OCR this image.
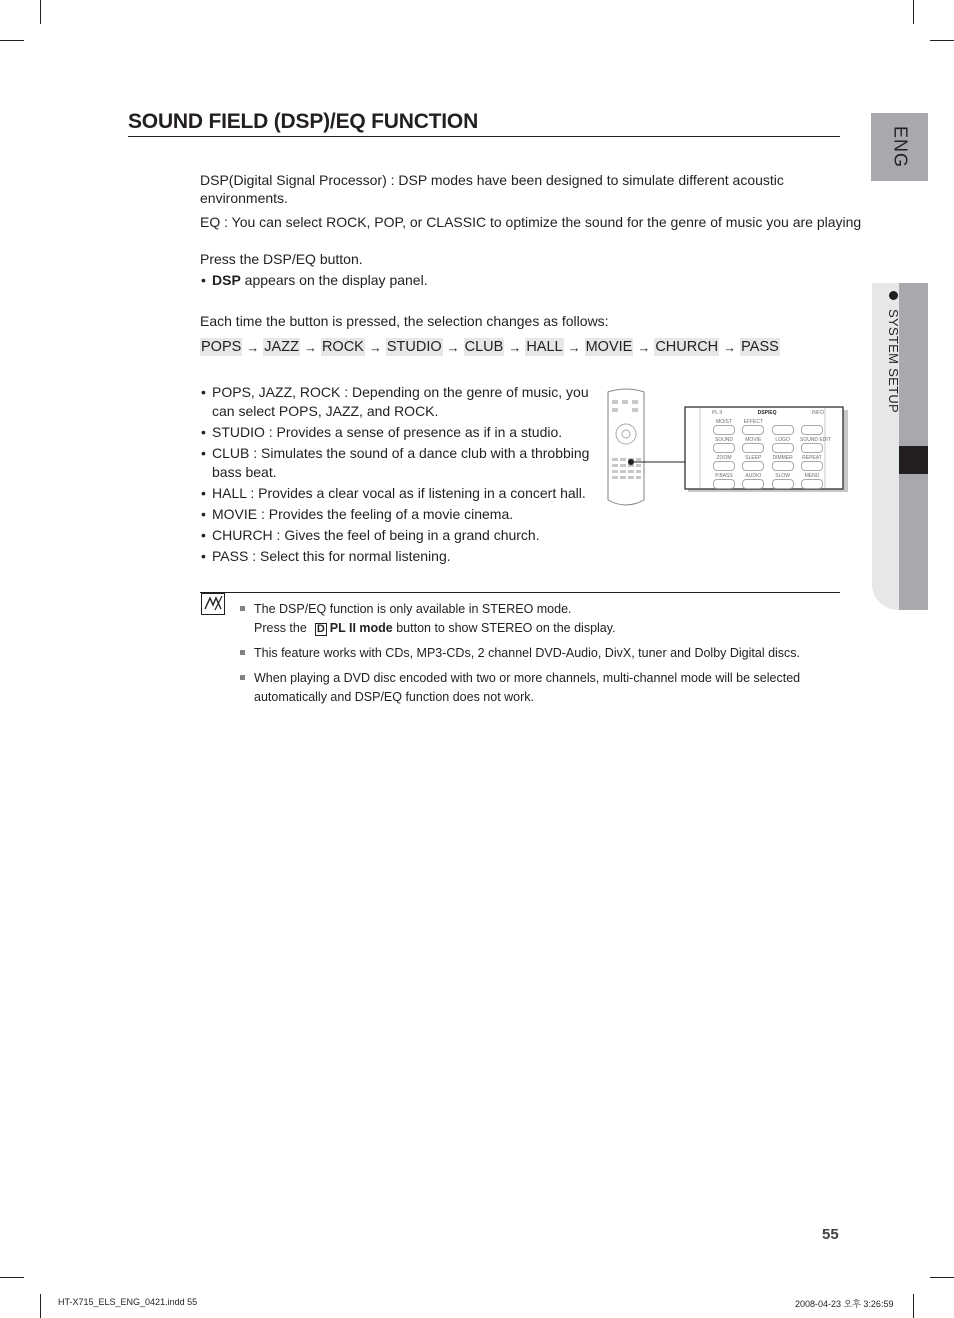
SOUND FIELD (DSP)/EQ FUNCTION
ENG
SYSTEM SETUP
DSP(Digital Signal Processor) : DSP modes have been designed to simulate different acoustic environments.
EQ : You can select ROCK, POP, or CLASSIC to optimize the sound for the genre of music you are playing
Press the DSP/EQ button.
• DSP appears on the display panel.
Each time the button is pressed, the selection changes as follows:
POPS → JAZZ → ROCK → STUDIO → CLUB → HALL → MOVIE → CHURCH → PASS
• POPS, JAZZ, ROCK : Depending on the genre of music, you can select POPS, JAZZ, and ROCK.
• STUDIO : Provides a sense of presence as if in a studio.
• CLUB : Simulates the sound of a dance club with a throbbing bass beat.
• HALL : Provides a clear vocal as if listening in a concert hall.
• MOVIE : Provides the feeling of a movie cinema.
• CHURCH : Gives the feel of being in a grand church.
• PASS : Select this for normal listening.
PL II	DSP/EQ	INFO
MO/ST	EFFECT
SOUND	MOVIE	LOGO	SOUND EDIT
ZOOM	SLEEP	DIMMER	REPEAT
P.BASS	AUDIO	SLOW	MENU
The DSP/EQ function is only available in STEREO mode.
Press the D PL II mode button to show STEREO on the display.
This feature works with CDs, MP3-CDs, 2 channel DVD-Audio, DivX, tuner and Dolby Digital discs.
When playing a DVD disc encoded with two or more channels, multi-channel mode will be selected automatically and DSP/EQ function does not work.
55
HT-X715_ELS_ENG_0421.indd 55	2008-04-23 오후 3:26:59
